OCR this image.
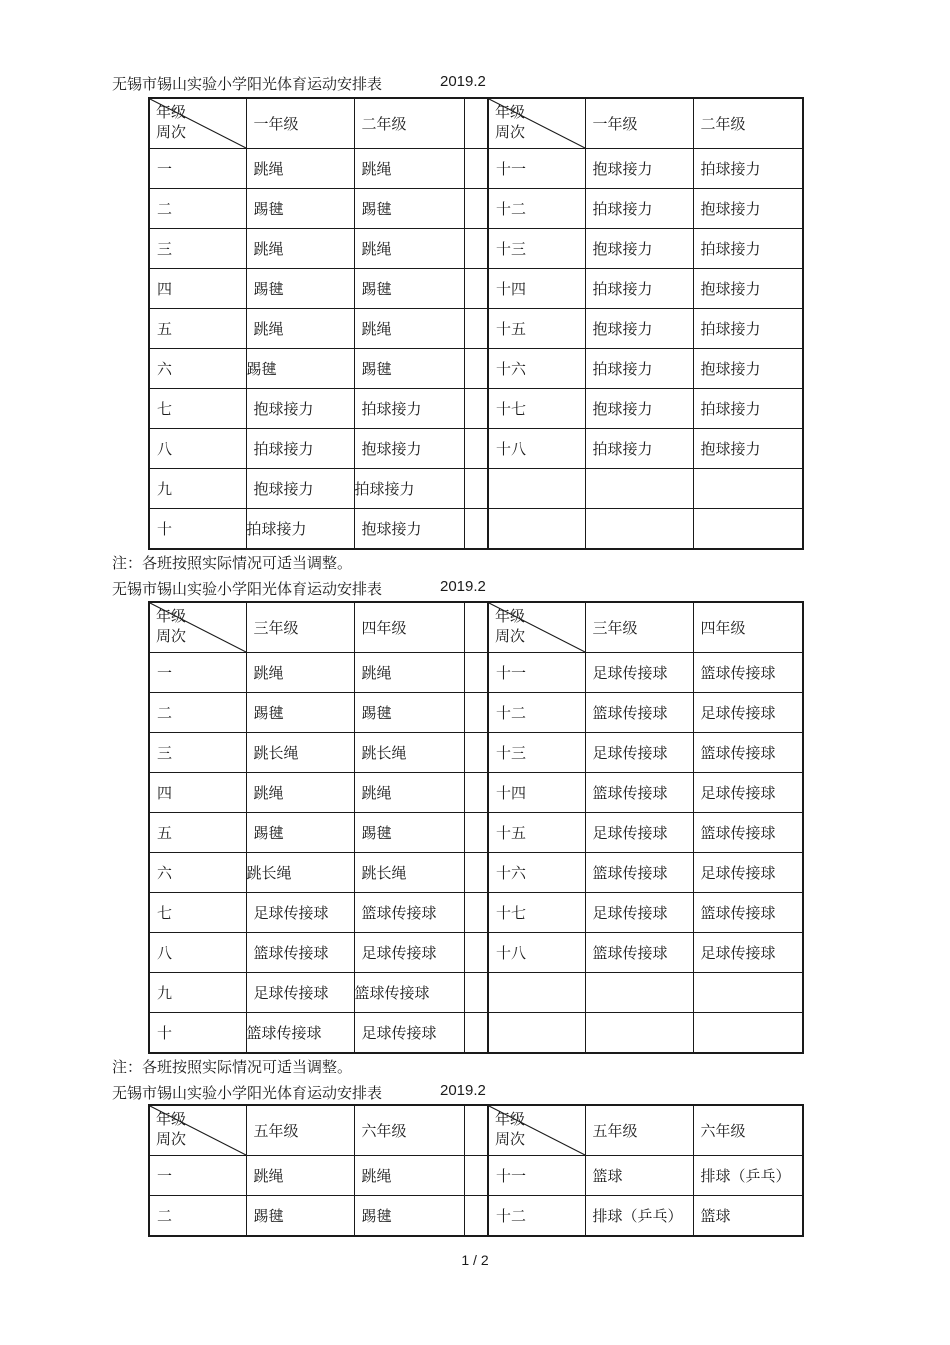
无锡市锡山实验小学阳光体育运动安排表	2019.2
年级
周次	一年级	二年级		年级
周次	一年级	二年级
一	跳绳	跳绳		十一	抱球接力	拍球接力
二	踢毽	踢毽		十二	拍球接力	抱球接力
三	跳绳	跳绳		十三	抱球接力	拍球接力
四	踢毽	踢毽		十四	拍球接力	抱球接力
五	跳绳	跳绳		十五	抱球接力	拍球接力
六	踢毽	踢毽		十六	拍球接力	抱球接力
七	抱球接力	拍球接力		十七	抱球接力	拍球接力
八	拍球接力	抱球接力		十八	拍球接力	抱球接力
九	抱球接力	拍球接力				
十	拍球接力	抱球接力				
注：各班按照实际情况可适当调整。
无锡市锡山实验小学阳光体育运动安排表	2019.2
年级
周次	三年级	四年级		年级
周次	三年级	四年级
一	跳绳	跳绳		十一	足球传接球	篮球传接球
二	踢毽	踢毽		十二	篮球传接球	足球传接球
三	跳长绳	跳长绳		十三	足球传接球	篮球传接球
四	跳绳	跳绳		十四	篮球传接球	足球传接球
五	踢毽	踢毽		十五	足球传接球	篮球传接球
六	跳长绳	跳长绳		十六	篮球传接球	足球传接球
七	足球传接球	篮球传接球		十七	足球传接球	篮球传接球
八	篮球传接球	足球传接球		十八	篮球传接球	足球传接球
九	足球传接球	篮球传接球				
十	篮球传接球	足球传接球				
注：各班按照实际情况可适当调整。
无锡市锡山实验小学阳光体育运动安排表	2019.2
年级
周次	五年级	六年级		年级
周次	五年级	六年级
一	跳绳	跳绳		十一	篮球	排球（乒乓）
二	踢毽	踢毽		十二	排球（乒乓）	篮球
1 / 2
